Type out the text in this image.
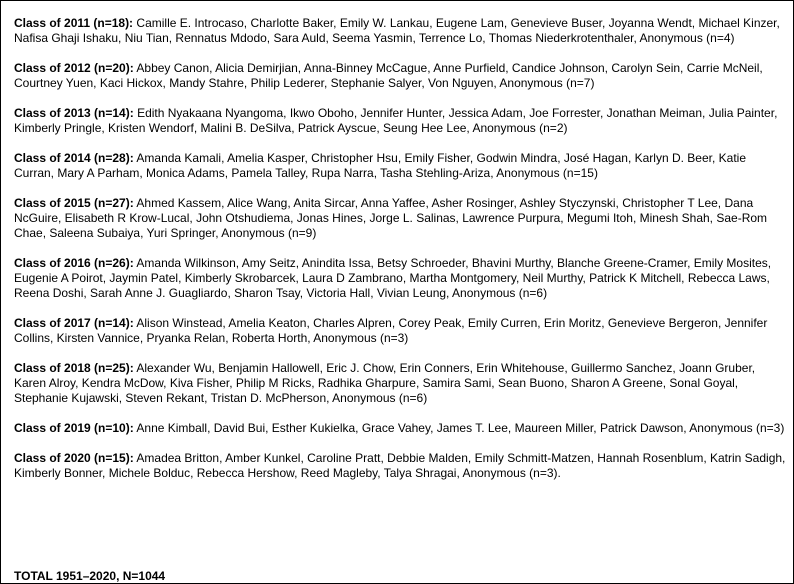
Class of 2011 (n=18): Camille E. Introcaso, Charlotte Baker, Emily W. Lankau, Eugene Lam, Genevieve Buser, Joyanna Wendt, Michael Kinzer, Nafisa Ghaji Ishaku, Niu Tian, Rennatus Mdodo, Sara Auld, Seema Yasmin, Terrence Lo, Thomas Niederkrotenthaler, Anonymous (n=4)

Class of 2012 (n=20): Abbey Canon, Alicia Demirjian, Anna-Binney McCague, Anne Purfield, Candice Johnson, Carolyn Sein, Carrie McNeil, Courtney Yuen, Kaci Hickox, Mandy Stahre, Philip Lederer, Stephanie Salyer, Von Nguyen, Anonymous (n=7)

Class of 2013 (n=14): Edith Nyakaana Nyangoma, Ikwo Oboho, Jennifer Hunter, Jessica Adam, Joe Forrester, Jonathan Meiman, Julia Painter, Kimberly Pringle, Kristen Wendorf, Malini B. DeSilva, Patrick Ayscue, Seung Hee Lee, Anonymous (n=2)

Class of 2014 (n=28): Amanda Kamali, Amelia Kasper, Christopher Hsu, Emily Fisher, Godwin Mindra, José Hagan, Karlyn D. Beer, Katie Curran, Mary A Parham, Monica Adams, Pamela Talley, Rupa Narra, Tasha Stehling-Ariza, Anonymous (n=15)

Class of 2015 (n=27): Ahmed Kassem, Alice Wang, Anita Sircar, Anna Yaffee, Asher Rosinger, Ashley Styczynski, Christopher T Lee, Dana NcGuire, Elisabeth R Krow-Lucal, John Otshudiema, Jonas Hines, Jorge L. Salinas, Lawrence Purpura, Megumi Itoh, Minesh Shah, Sae-Rom Chae, Saleena Subaiya, Yuri Springer, Anonymous (n=9)

Class of 2016 (n=26): Amanda Wilkinson, Amy Seitz, Anindita Issa, Betsy Schroeder, Bhavini Murthy, Blanche Greene-Cramer, Emily Mosites, Eugenie A Poirot, Jaymin Patel, Kimberly Skrobarcek, Laura D Zambrano, Martha Montgomery, Neil Murthy, Patrick K Mitchell, Rebecca Laws, Reena Doshi, Sarah Anne J. Guagliardo, Sharon Tsay, Victoria Hall, Vivian Leung, Anonymous (n=6)

Class of 2017 (n=14): Alison Winstead, Amelia Keaton, Charles Alpren, Corey Peak, Emily Curren, Erin Moritz, Genevieve Bergeron, Jennifer Collins, Kirsten Vannice, Pryanka Relan, Roberta Horth, Anonymous (n=3)

Class of 2018 (n=25): Alexander Wu, Benjamin Hallowell, Eric J. Chow, Erin Conners, Erin Whitehouse, Guillermo Sanchez, Joann Gruber, Karen Alroy, Kendra McDow, Kiva Fisher, Philip M Ricks, Radhika Gharpure, Samira Sami, Sean Buono, Sharon A Greene, Sonal Goyal, Stephanie Kujawski, Steven Rekant, Tristan D. McPherson, Anonymous (n=6)

Class of 2019 (n=10): Anne Kimball, David Bui, Esther Kukielka, Grace Vahey, James T. Lee, Maureen Miller, Patrick Dawson, Anonymous (n=3)

Class of 2020 (n=15): Amadea Britton, Amber Kunkel, Caroline Pratt, Debbie Malden, Emily Schmitt-Matzen, Hannah Rosenblum, Katrin Sadigh, Kimberly Bonner, Michele Bolduc, Rebecca Hershow, Reed Magleby, Talya Shragai, Anonymous (n=3).

TOTAL 1951–2020, N=1044
